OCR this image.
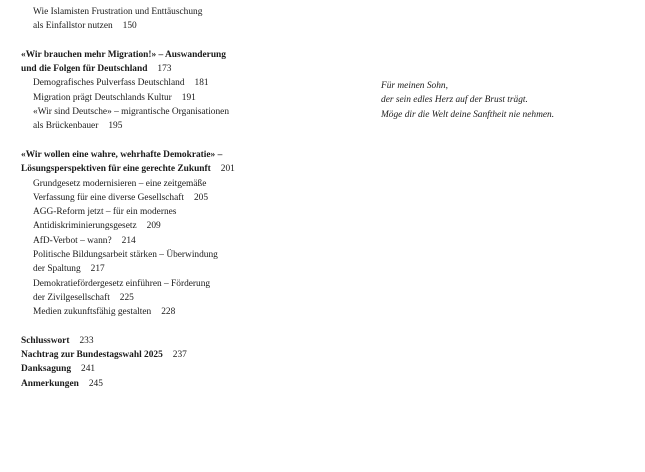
Wie Islamisten Frustration und Enttäuschung
als Einfallstor nutzen 150
«Wir brauchen mehr Migration!» – Auswanderung
und die Folgen für Deutschland 173
Demografisches Pulverfass Deutschland 181
Migration prägt Deutschlands Kultur 191
«Wir sind Deutsche» – migrantische Organisationen
als Brückenbauer 195
«Wir wollen eine wahre, wehrhafte Demokratie» –
Lösungsperspektiven für eine gerechte Zukunft 201
Grundgesetz modernisieren – eine zeitgemäße
Verfassung für eine diverse Gesellschaft 205
AGG-Reform jetzt – für ein modernes
Antidiskriminierungsgesetz 209
AfD-Verbot – wann? 214
Politische Bildungsarbeit stärken – Überwindung
der Spaltung 217
Demokratiefördergesetz einführen – Förderung
der Zivilgesellschaft 225
Medien zukunftsfähig gestalten 228
Schlusswort 233
Nachtrag zur Bundestagswahl 2025 237
Danksagung 241
Anmerkungen 245
Für meinen Sohn,
der sein edles Herz auf der Brust trägt.
Möge dir die Welt deine Sanftheit nie nehmen.
